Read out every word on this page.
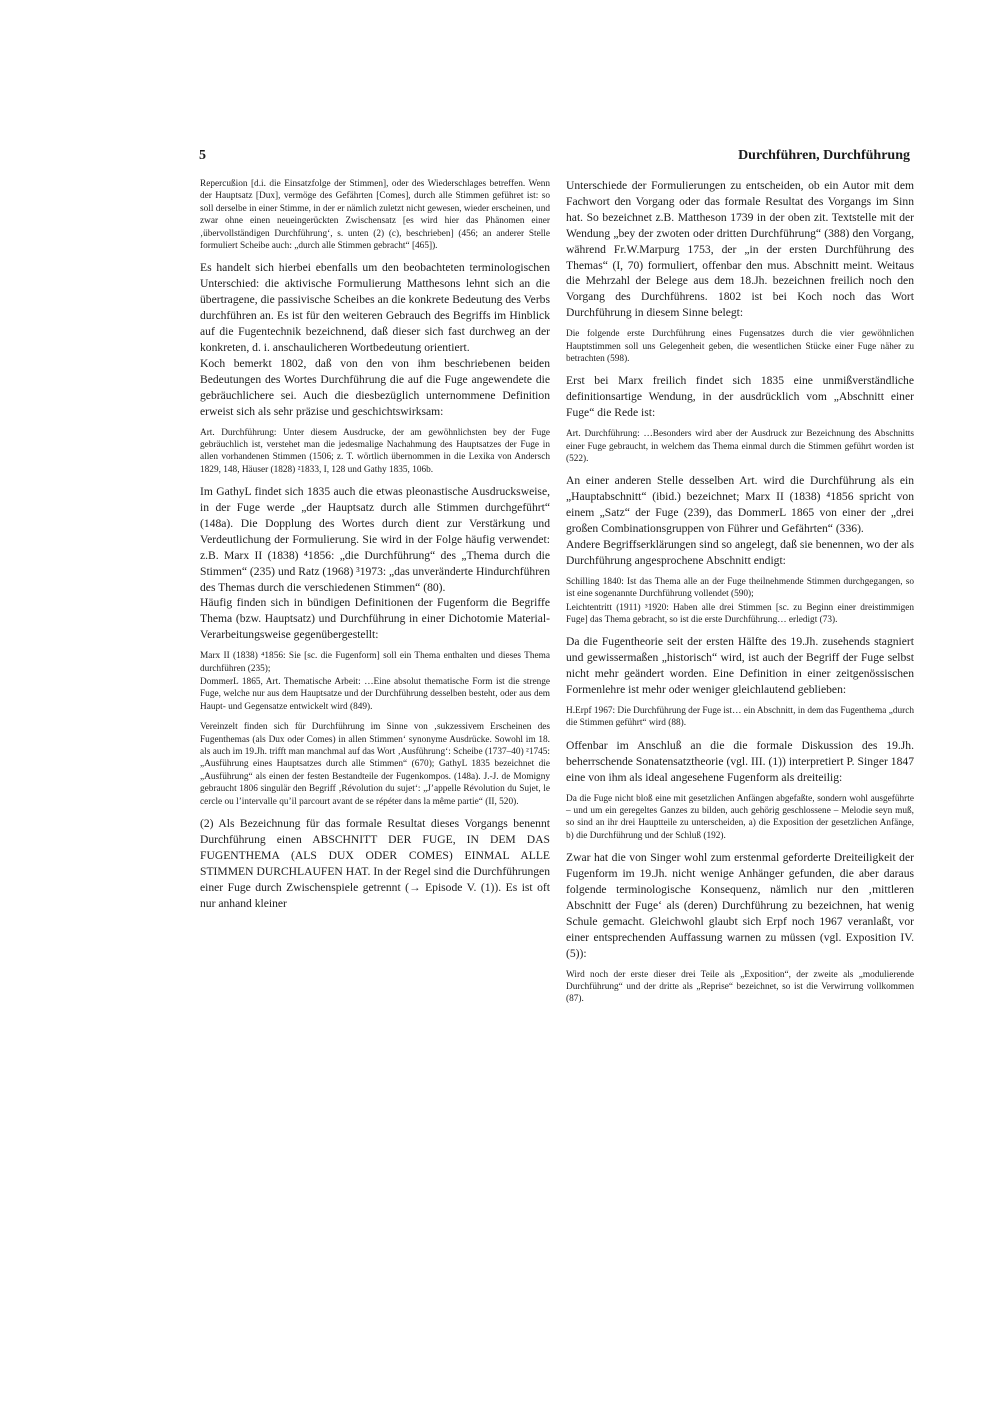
5	Durchführen, Durchführung

Repercußion [d.i. die Einsatzfolge der Stimmen], oder des Wiederschlages betreffen. Wenn der Hauptsatz [Dux], vermöge des Gefährten [Comes], durch alle Stimmen geführet ist: so soll derselbe in einer Stimme, in der er nämlich zuletzt nicht gewesen, wieder erscheinen, und zwar ohne einen neueingerückten Zwischensatz [es wird hier das Phänomen einer ‚übervollständigen Durchführung‘, s. unten (2) (c), beschrieben] (456; an anderer Stelle formuliert Scheibe auch: „durch alle Stimmen gebracht“ [465]).

Es handelt sich hierbei ebenfalls um den beobachteten terminologischen Unterschied: die aktivische Formulierung Matthesons lehnt sich an die übertragene, die passivische Scheibes an die konkrete Bedeutung des Verbs durchführen an. Es ist für den weiteren Gebrauch des Begriffs im Hinblick auf die Fugentechnik bezeichnend, daß dieser sich fast durchweg an der konkreten, d. i. anschaulicheren Wortbedeutung orientiert.

Koch bemerkt 1802, daß von den von ihm beschriebenen beiden Bedeutungen des Wortes Durchführung die auf die Fuge angewendete die gebräuchlichere sei. Auch die diesbezüglich unternommene Definition erweist sich als sehr präzise und geschichtswirksam:

Art. Durchführung: Unter diesem Ausdrucke, der am gewöhnlichsten bey der Fuge gebräuchlich ist, verstehet man die jedesmalige Nachahmung des Hauptsatzes der Fuge in allen vorhandenen Stimmen (1506; z. T. wörtlich übernommen in die Lexika von Andersch 1829, 148, Häuser (1828) ²1833, I, 128 und Gathy 1835, 106b.

Im GathyL findet sich 1835 auch die etwas pleonastische Ausdrucksweise, in der Fuge werde „der Hauptsatz durch alle Stimmen durchgeführt“ (148a). Die Dopplung des Wortes durch dient zur Verstärkung und Verdeutlichung der Formulierung. Sie wird in der Folge häufig verwendet: z.B. Marx II (1838) ⁴1856: „die Durchführung“ des „Thema durch die Stimmen“ (235) und Ratz (1968) ³1973: „das unveränderte Hindurchführen des Themas durch die verschiedenen Stimmen“ (80).

Häufig finden sich in bündigen Definitionen der Fugenform die Begriffe Thema (bzw. Hauptsatz) und Durchführung in einer Dichotomie Material-Verarbeitungsweise gegenübergestellt:

Marx II (1838) ⁴1856: Sie [sc. die Fugenform] soll ein Thema enthalten und dieses Thema durchführen (235);

DommerL 1865, Art. Thematische Arbeit: …Eine absolut thematische Form ist die strenge Fuge, welche nur aus dem Hauptsatze und der Durchführung desselben besteht, oder aus dem Haupt- und Gegensatze entwickelt wird (849).

Vereinzelt finden sich für Durchführung im Sinne von ‚sukzessivem Erscheinen des Fugenthemas (als Dux oder Comes) in allen Stimmen‘ synonyme Ausdrücke. Sowohl im 18. als auch im 19.Jh. trifft man manchmal auf das Wort ‚Ausführung‘: Scheibe (1737–40) ²1745: „Ausführung eines Hauptsatzes durch alle Stimmen“ (670); GathyL 1835 bezeichnet die „Ausführung“ als einen der festen Bestandteile der Fugenkompos. (148a). J.-J. de Momigny gebraucht 1806 singulär den Begriff ‚Révolution du sujet‘: „J’appelle Révolution du Sujet, le cercle ou l’intervalle qu’il parcourt avant de se répéter dans la même partie“ (II, 520).

(2) Als Bezeichnung für das formale Resultat dieses Vorgangs benennt Durchführung einen ABSCHNITT DER FUGE, IN DEM DAS FUGENTHEMA (ALS DUX ODER COMES) EINMAL ALLE STIMMEN DURCHLAUFEN HAT. In der Regel sind die Durchführungen einer Fuge durch Zwischenspiele getrennt (→ Episode V. (1)). Es ist oft nur anhand kleiner

Unterschiede der Formulierungen zu entscheiden, ob ein Autor mit dem Fachwort den Vorgang oder das formale Resultat des Vorgangs im Sinn hat. So bezeichnet z.B. Mattheson 1739 in der oben zit. Textstelle mit der Wendung „bey der zwoten oder dritten Durchführung“ (388) den Vorgang, während Fr.W.Marpurg 1753, der „in der ersten Durchführung des Themas“ (I, 70) formuliert, offenbar den mus. Abschnitt meint. Weitaus die Mehrzahl der Belege aus dem 18.Jh. bezeichnen freilich noch den Vorgang des Durchführens. 1802 ist bei Koch noch das Wort Durchführung in diesem Sinne belegt:

Die folgende erste Durchführung eines Fugensatzes durch die vier gewöhnlichen Hauptstimmen soll uns Gelegenheit geben, die wesentlichen Stücke einer Fuge näher zu betrachten (598).

Erst bei Marx freilich findet sich 1835 eine unmißverständliche definitionsartige Wendung, in der ausdrücklich vom „Abschnitt einer Fuge“ die Rede ist:

Art. Durchführung: …Besonders wird aber der Ausdruck zur Bezeichnung des Abschnitts einer Fuge gebraucht, in welchem das Thema einmal durch die Stimmen geführt worden ist (522).

An einer anderen Stelle desselben Art. wird die Durchführung als ein „Hauptabschnitt“ (ibid.) bezeichnet; Marx II (1838) ⁴1856 spricht von einem „Satz“ der Fuge (239), das DommerL 1865 von einer der „drei großen Combinationsgruppen von Führer und Gefährten“ (336).

Andere Begriffserklärungen sind so angelegt, daß sie benennen, wo der als Durchführung angesprochene Abschnitt endigt:

Schilling 1840: Ist das Thema alle an der Fuge theilnehmende Stimmen durchgegangen, so ist eine sogenannte Durchführung vollendet (590);

Leichtentritt (1911) ³1920: Haben alle drei Stimmen [sc. zu Beginn einer dreistimmigen Fuge] das Thema gebracht, so ist die erste Durchführung… erledigt (73).

Da die Fugentheorie seit der ersten Hälfte des 19.Jh. zusehends stagniert und gewissermaßen „historisch“ wird, ist auch der Begriff der Fuge selbst nicht mehr geändert worden. Eine Definition in einer zeitgenössischen Formenlehre ist mehr oder weniger gleichlautend geblieben:

H.Erpf 1967: Die Durchführung der Fuge ist… ein Abschnitt, in dem das Fugenthema „durch die Stimmen geführt“ wird (88).

Offenbar im Anschluß an die die formale Diskussion des 19.Jh. beherrschende Sonatensatztheorie (vgl. III. (1)) interpretiert P. Singer 1847 eine von ihm als ideal angesehene Fugenform als dreiteilig:

Da die Fuge nicht bloß eine mit gesetzlichen Anfängen abgefaßte, sondern wohl ausgeführte – und um ein geregeltes Ganzes zu bilden, auch gehörig geschlossene – Melodie seyn muß, so sind an ihr drei Hauptteile zu unterscheiden, a) die Exposition der gesetzlichen Anfänge, b) die Durchführung und der Schluß (192).

Zwar hat die von Singer wohl zum erstenmal geforderte Dreiteiligkeit der Fugenform im 19.Jh. nicht wenige Anhänger gefunden, die aber daraus folgende terminologische Konsequenz, nämlich nur den ‚mittleren Abschnitt der Fuge‘ als (deren) Durchführung zu bezeichnen, hat wenig Schule gemacht. Gleichwohl glaubt sich Erpf noch 1967 veranlaßt, vor einer entsprechenden Auffassung warnen zu müssen (vgl. Exposition IV. (5)):

Wird noch der erste dieser drei Teile als „Exposition“, der zweite als „modulierende Durchführung“ und der dritte als „Reprise“ bezeichnet, so ist die Verwirrung vollkommen (87).
